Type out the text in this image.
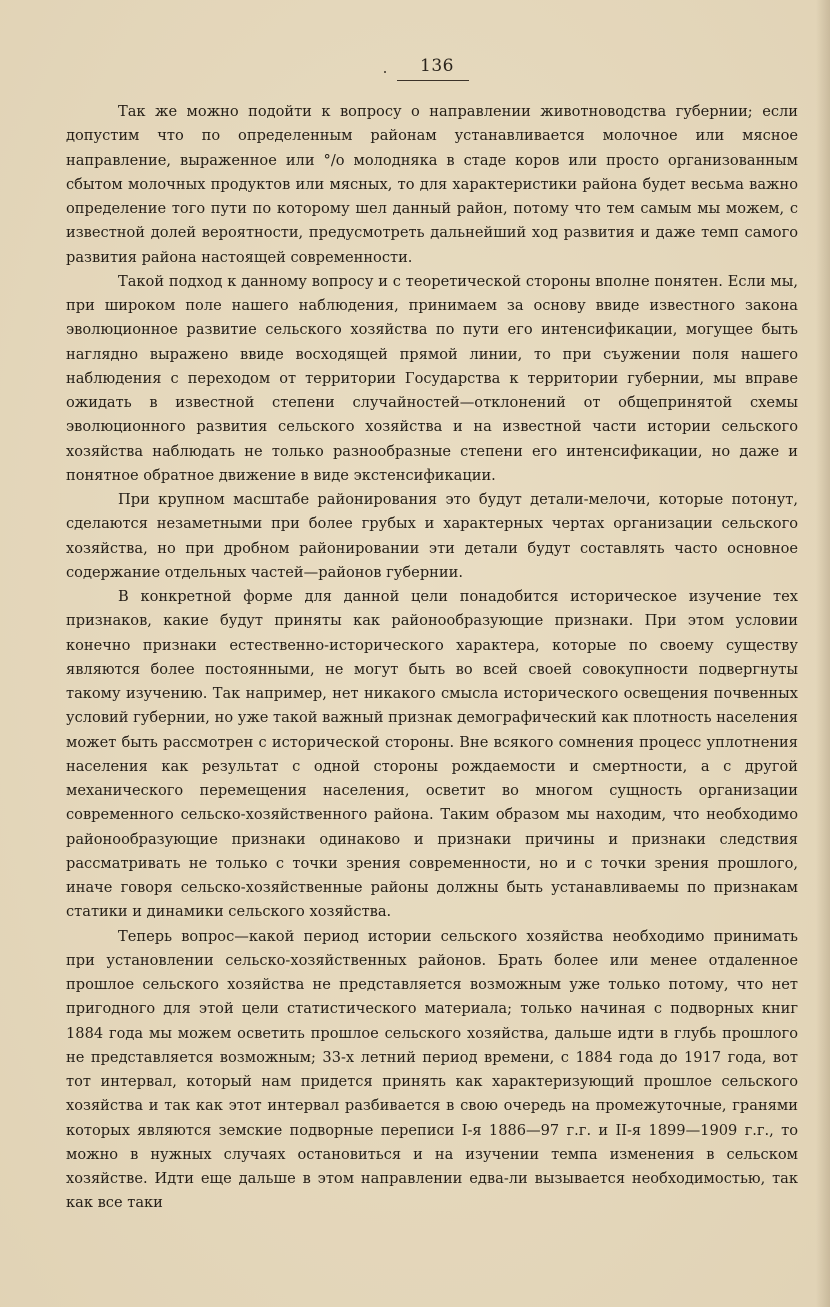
136

Так же можно подойти к вопросу о направлении животноводства губернии; если допустим что по определенным районам устанавливается молочное или мясное направление, выраженное или °/о молодняка в стаде коров или просто организованным сбытом молочных продуктов или мясных, то для характеристики района будет весьма важно определение того пути по которому шел данный район, потому что тем самым мы можем, с известной долей вероятности, предусмотреть дальнейший ход развития и даже темп самого развития района настоящей современности.

Такой подход к данному вопросу и с теоретической стороны вполне понятен. Если мы, при широком поле нашего наблюдения, принимаем за основу ввиде известного закона эволюционное развитие сельского хозяйства по пути его интенсификации, могущее быть наглядно выражено ввиде восходящей прямой линии, то при съужении поля нашего наблюдения с переходом от территории Государства к территории губернии, мы вправе ожидать в известной степени случайностей—отклонений от общепринятой схемы эволюционного развития сельского хозяйства и на известной части истории сельского хозяйства наблюдать не только разнообразные степени его интенсификации, но даже и понятное обратное движение в виде экстенсификации.

При крупном масштабе районирования это будут детали-мелочи, которые потонут, сделаются незаметными при более грубых и характерных чертах организации сельского хозяйства, но при дробном районировании эти детали будут составлять часто основное содержание отдельных частей—районов губернии.

В конкретной форме для данной цели понадобится историческое изучение тех признаков, какие будут приняты как районообразующие признаки. При этом условии конечно признаки естественно-исторического характера, которые по своему существу являются более постоянными, не могут быть во всей своей совокупности подвергнуты такому изучению. Так например, нет никакого смысла исторического освещения почвенных условий губернии, но уже такой важный признак демографический как плотность населения может быть рассмотрен с исторической стороны. Вне всякого сомнения процесс уплотнения населения как результат с одной стороны рождаемости и смертности, а с другой механического перемещения населения, осветит во многом сущность организации современного сельско-хозяйственного района. Таким образом мы находим, что необходимо районообразующие признаки одинаково и признаки причины и признаки следствия рассматривать не только с точки зрения современности, но и с точки зрения прошлого, иначе говоря сельско-хозяйственные районы должны быть устанавливаемы по признакам статики и динамики сельского хозяйства.

Теперь вопрос—какой период истории сельского хозяйства необходимо принимать при установлении сельско-хозяйственных районов. Брать более или менее отдаленное прошлое сельского хозяйства не представляется возможным уже только потому, что нет пригодного для этой цели статистического материала; только начиная с подворных книг 1884 года мы можем осветить прошлое сельского хозяйства, дальше идти в глубь прошлого не представляется возможным; 33-х летний период времени, с 1884 года до 1917 года, вот тот интервал, который нам придется принять как характеризующий прошлое сельского хозяйства и так как этот интервал разбивается в свою очередь на промежуточные, гранями которых являются земские подворные переписи I-я 1886—97 г.г. и II-я 1899—1909 г.г., то можно в нужных случаях остановиться и на изучении темпа изменения в сельском хозяйстве. Идти еще дальше в этом направлении едва-ли вызывается необходимостью, так как все таки
